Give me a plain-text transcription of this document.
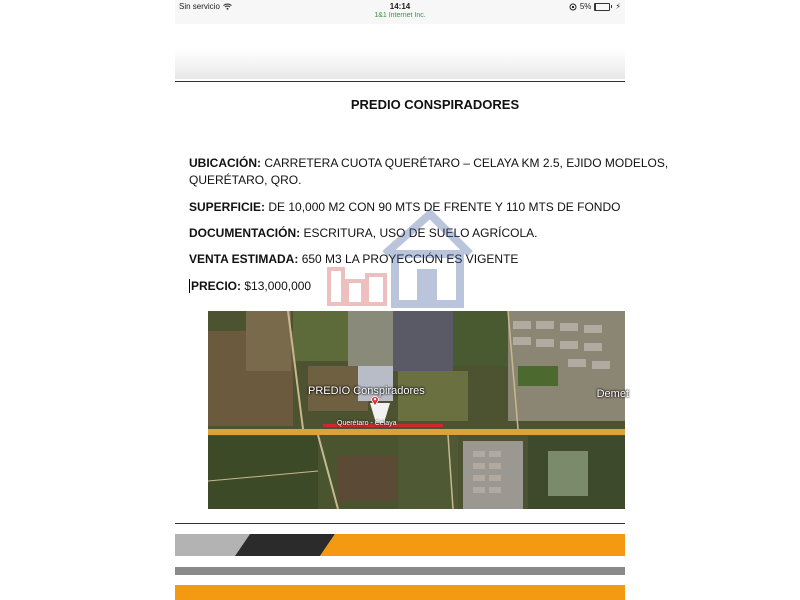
Sin servicio	14:14
1&1 Internet Inc.
5%	⚡
PREDIO CONSPIRADORES
UBICACIÓN: CARRETERA CUOTA QUERÉTARO – CELAYA KM 2.5, EJIDO MODELOS,
QUERÉTARO, QRO.
SUPERFICIE: DE 10,000 M2 CON 90 MTS DE FRENTE Y 110 MTS DE FONDO
DOCUMENTACIÓN: ESCRITURA, USO DE SUELO AGRÍCOLA.
VENTA ESTIMADA: 650 M3 LA PROYECCIÓN ES VIGENTE
PRECIO: $13,000,000
PREDIO Conspiradores
Querétaro - Celaya
Demet
